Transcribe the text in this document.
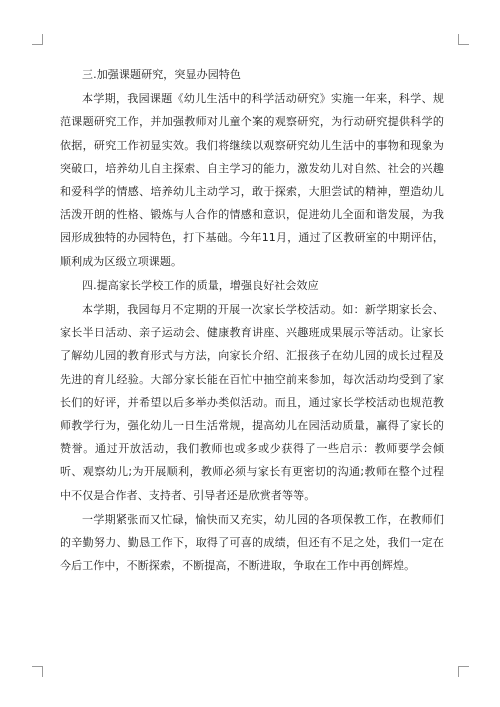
三.加强课题研究，突显办园特色

本学期，我园课题《幼儿生活中的科学活动研究》实施一年来，科学、规范课题研究工作，并加强教师对儿童个案的观察研究，为行动研究提供科学的依据，研究工作初显实效。我们将继续以观察研究幼儿生活中的事物和现象为突破口，培养幼儿自主探索、自主学习的能力，激发幼儿对自然、社会的兴趣和爱科学的情感、培养幼儿主动学习，敢于探索，大胆尝试的精神，塑造幼儿活泼开朗的性格、锻炼与人合作的情感和意识，促进幼儿全面和谐发展，为我园形成独特的办园特色，打下基础。今年11月，通过了区教研室的中期评估，顺利成为区级立项课题。

四.提高家长学校工作的质量，增强良好社会效应

本学期，我园每月不定期的开展一次家长学校活动。如：新学期家长会、家长半日活动、亲子运动会、健康教育讲座、兴趣班成果展示等活动。让家长了解幼儿园的教育形式与方法，向家长介绍、汇报孩子在幼儿园的成长过程及先进的育儿经验。大部分家长能在百忙中抽空前来参加，每次活动均受到了家长们的好评，并希望以后多举办类似活动。而且，通过家长学校活动也规范教师教学行为，强化幼儿一日生活常规，提高幼儿在园活动质量，赢得了家长的赞誉。通过开放活动，我们教师也或多或少获得了一些启示：教师要学会倾听、观察幼儿;为开展顺利，教师必须与家长有更密切的沟通;教师在整个过程中不仅是合作者、支持者、引导者还是欣赏者等等。

一学期紧张而又忙碌，愉快而又充实，幼儿园的各项保教工作，在教师们的辛勤努力、勤恳工作下，取得了可喜的成绩，但还有不足之处，我们一定在今后工作中，不断探索，不断提高，不断进取，争取在工作中再创辉煌。
